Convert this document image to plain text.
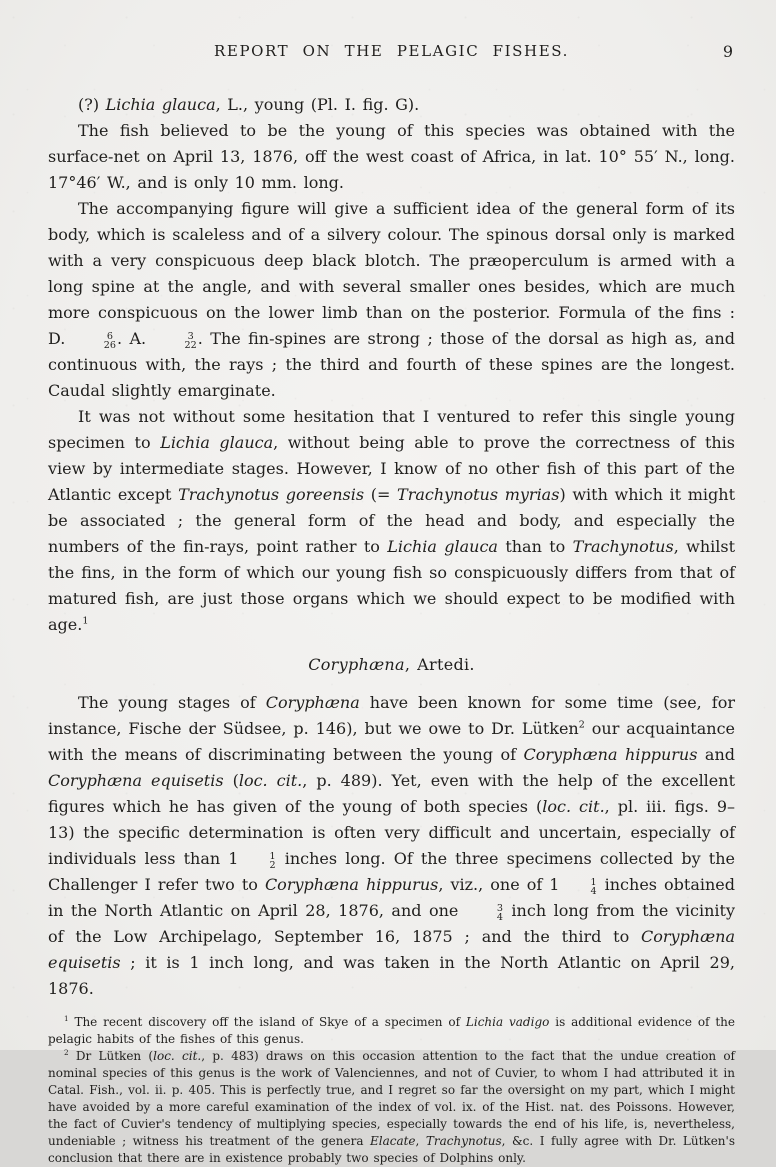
REPORT ON THE PELAGIC FISHES.	9

(?) Lichia glauca, L., young (Pl. I. fig. G).

The fish believed to be the young of this species was obtained with the surface-net on April 13, 1876, off the west coast of Africa, in lat. 10° 55′ N., long. 17°46′ W., and is only 10 mm. long.

The accompanying figure will give a sufficient idea of the general form of its body, which is scaleless and of a silvery colour. The spinous dorsal only is marked with a very conspicuous deep black blotch. The præoperculum is armed with a long spine at the angle, and with several smaller ones besides, which are much more conspicuous on the lower limb than on the posterior. Formula of the fins : D.	6
26 . A.	3
22 . The fin-spines are strong ; those of the dorsal as high as, and continuous with, the rays ; the third and fourth of these spines are the longest. Caudal slightly emarginate.

It was not without some hesitation that I ventured to refer this single young specimen to Lichia glauca, without being able to prove the correctness of this view by intermediate stages. However, I know of no other fish of this part of the Atlantic except Trachynotus goreensis (= Trachynotus myrias) with which it might be associated ; the general form of the head and body, and especially the numbers of the fin-rays, point rather to Lichia glauca than to Trachynotus, whilst the fins, in the form of which our young fish so conspicuously differs from that of matured fish, are just those organs which we should expect to be modified with age.$^1$

Coryphæna, Artedi.

The young stages of Coryphæna have been known for some time (see, for instance, Fische der Südsee, p. 146), but we owe to Dr. Lütken$^2$ our acquaintance with the means of discriminating between the young of Coryphæna hippurus and Coryphæna equisetis (loc. cit., p. 489). Yet, even with the help of the excellent figures which he has given of the young of both species (loc. cit., pl. iii. figs. 9–13) the specific determination is often very difficult and uncertain, especially of individuals less than 1	1
2 inches long. Of the three specimens collected by the Challenger I refer two to Coryphæna hippurus, viz., one of 1	1
4 inches obtained in the North Atlantic on April 28, 1876, and one	3
4 inch long from the vicinity of the Low Archipelago, September 16, 1875 ; and the third to Coryphæna equisetis ; it is 1 inch long, and was taken in the North Atlantic on April 29, 1876.

$^1$ The recent discovery off the island of Skye of a specimen of Lichia vadigo is additional evidence of the pelagic habits of the fishes of this genus.

$^2$ Dr Lütken (loc. cit., p. 483) draws on this occasion attention to the fact that the undue creation of nominal species of this genus is the work of Valenciennes, and not of Cuvier, to whom I had attributed it in Catal. Fish., vol. ii. p. 405. This is perfectly true, and I regret so far the oversight on my part, which I might have avoided by a more careful examination of the index of vol. ix. of the Hist. nat. des Poissons. However, the fact of Cuvier's tendency of multiplying species, especially towards the end of his life, is, nevertheless, undeniable ; witness his treatment of the genera Elacate, Trachynotus, &c. I fully agree with Dr. Lütken's conclusion that there are in existence probably two species of Dolphins only.
